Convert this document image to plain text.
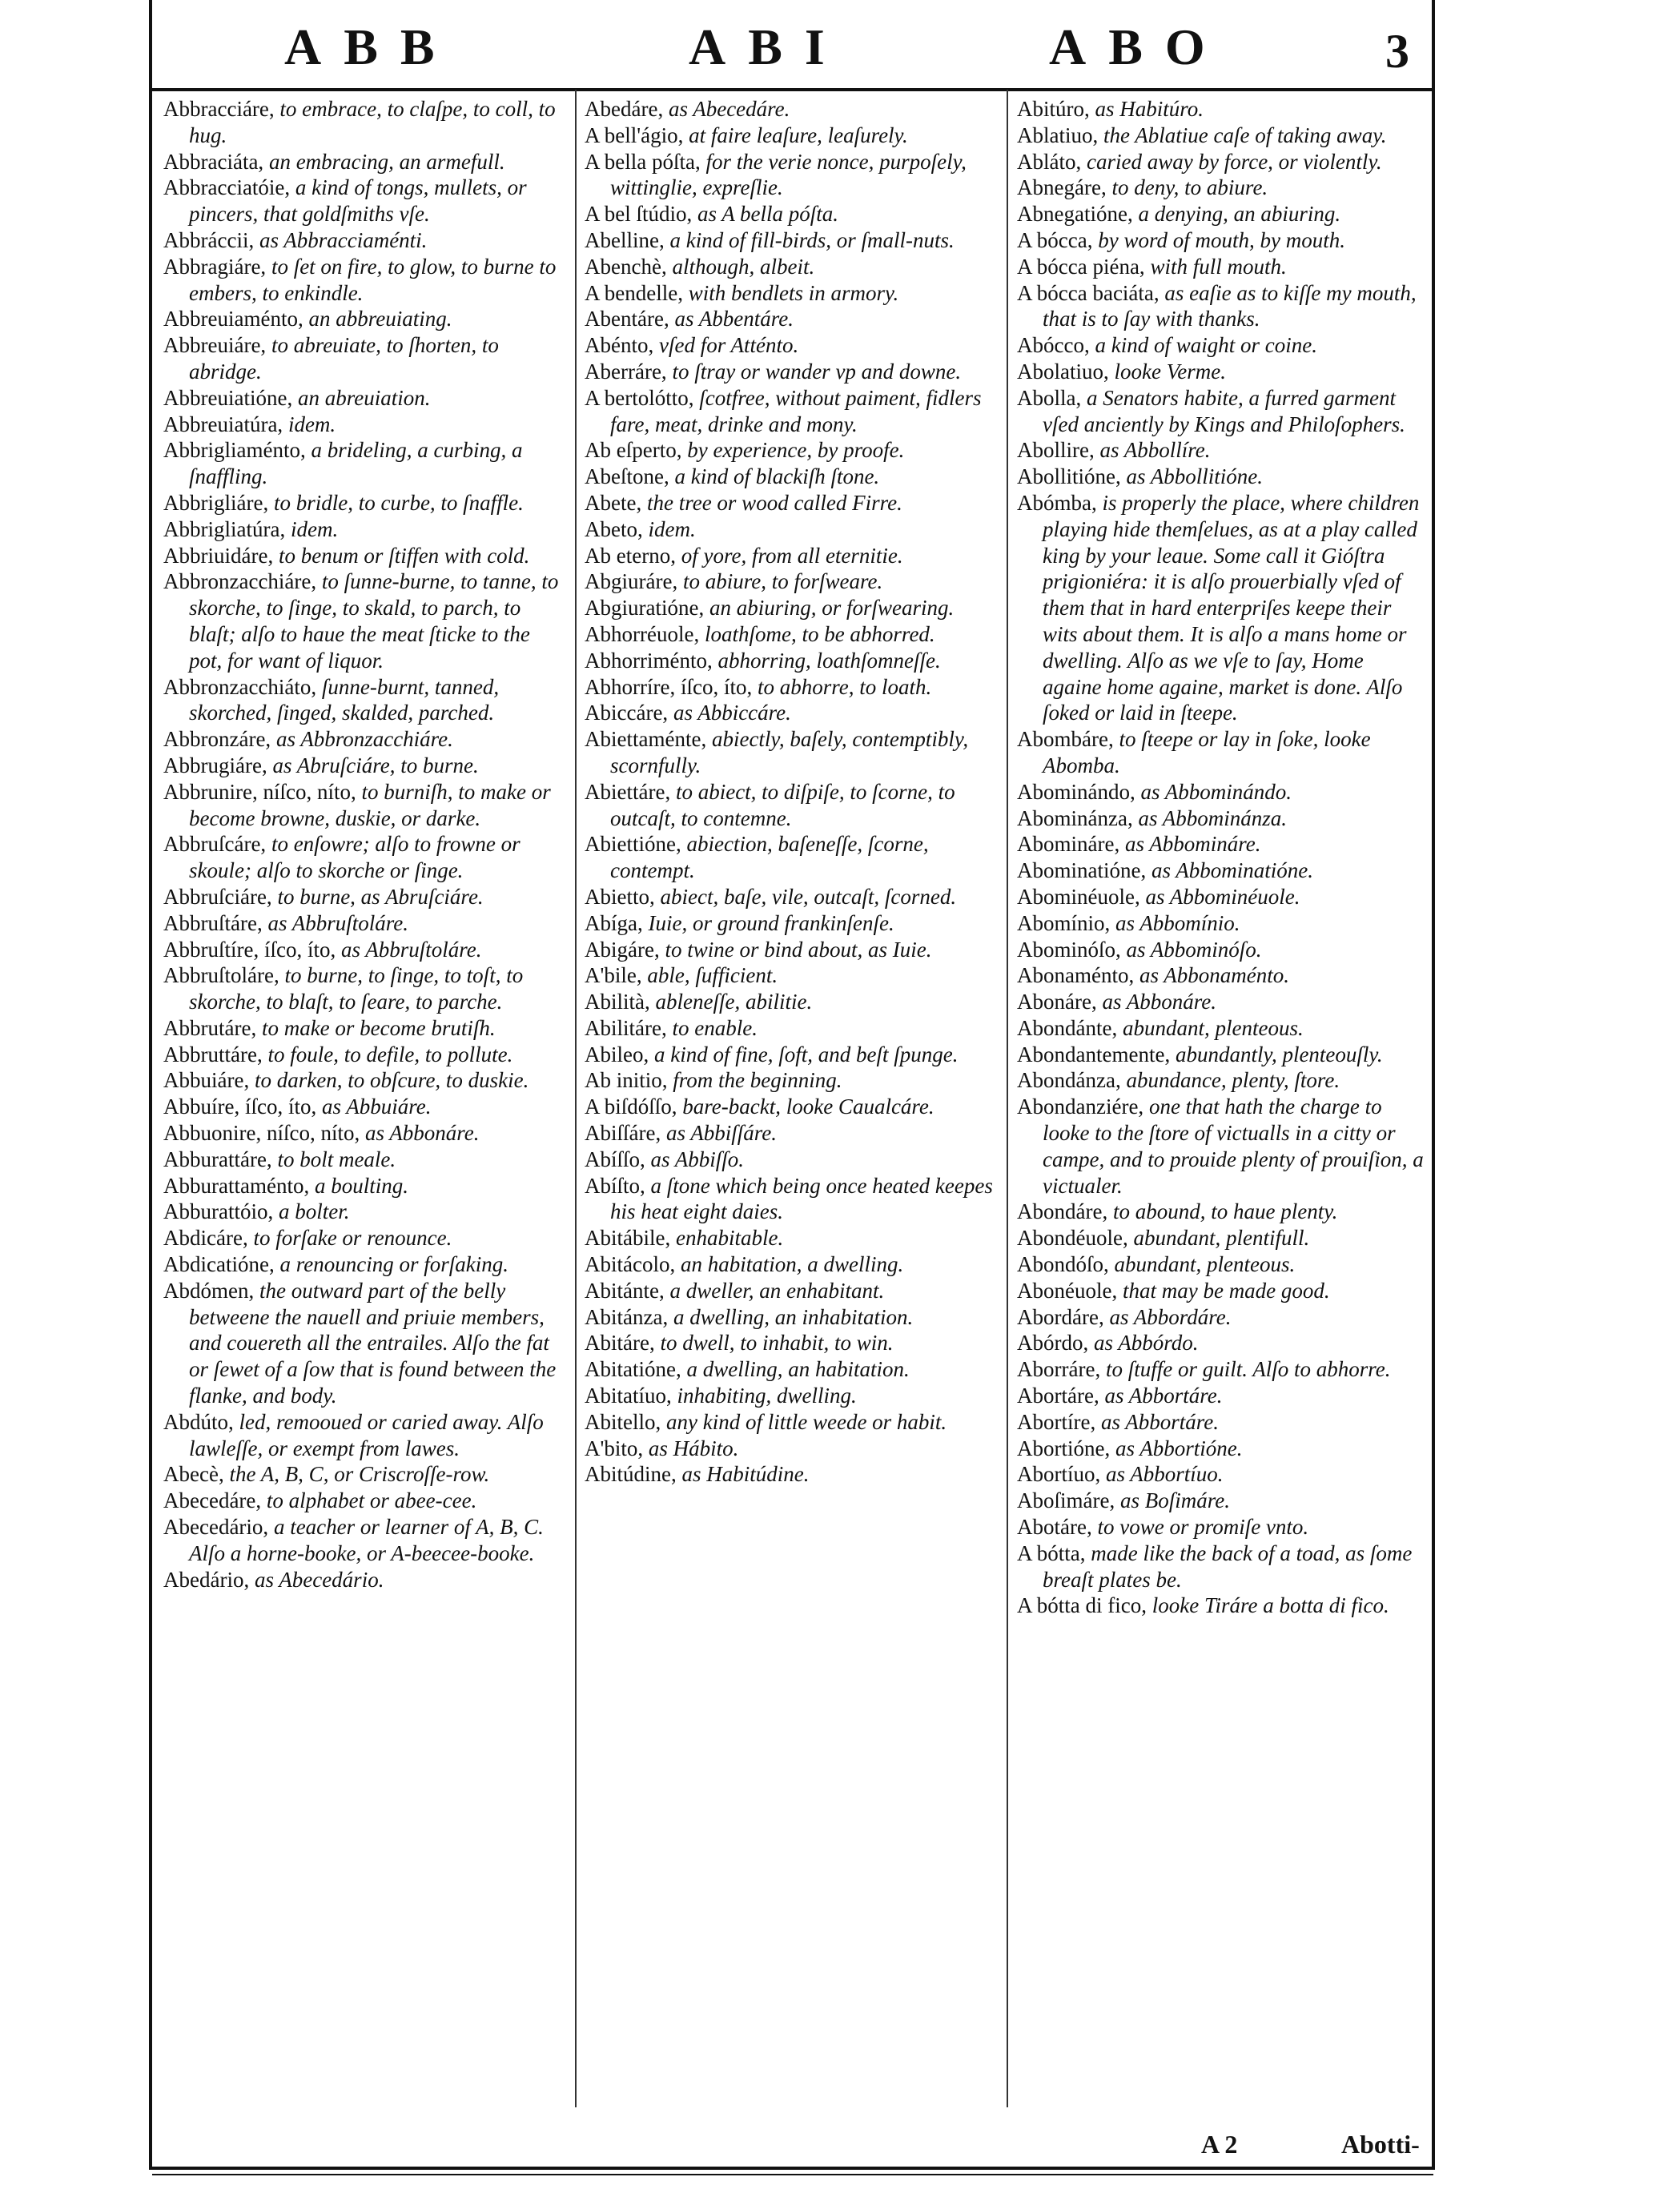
ABB	ABI	ABO	3

Abbracciáre, to embrace, to claſpe, to coll, to hug.

Abbraciáta, an embracing, an armefull.

Abbracciatóie, a kind of tongs, mullets, or pincers, that goldſmiths vſe.

Abbráccii, as Abbracciaménti.

Abbragiáre, to ſet on fire, to glow, to burne to embers, to enkindle.

Abbreuiaménto, an abbreuiating.

Abbreuiáre, to abreuiate, to ſhorten, to abridge.

Abbreuiatióne, an abreuiation.

Abbreuiatúra, idem.

Abbrigliaménto, a brideling, a curbing, a ſnaffling.

Abbrigliáre, to bridle, to curbe, to ſnaffle.

Abbrigliatúra, idem.

Abbriuidáre, to benum or ſtiffen with cold.

Abbronzacchiáre, to ſunne-burne, to tanne, to skorche, to ſinge, to skald, to parch, to blaſt; alſo to haue the meat ſticke to the pot, for want of liquor.

Abbronzacchiáto, ſunne-burnt, tanned, skorched, ſinged, skalded, parched.

Abbronzáre, as Abbronzacchiáre.

Abbrugiáre, as Abruſciáre, to burne.

Abbrunire, níſco, níto, to burniſh, to make or become browne, duskie, or darke.

Abbruſcáre, to enſowre; alſo to frowne or skoule; alſo to skorche or ſinge.

Abbruſciáre, to burne, as Abruſciáre.

Abbruſtáre, as Abbruſtoláre.

Abbruſtíre, íſco, íto, as Abbruſtoláre.

Abbruſtoláre, to burne, to ſinge, to toſt, to skorche, to blaſt, to ſeare, to parche.

Abbrutáre, to make or become brutiſh.

Abbruttáre, to foule, to defile, to pollute.

Abbuiáre, to darken, to obſcure, to duskie.

Abbuíre, íſco, íto, as Abbuiáre.

Abbuonire, níſco, níto, as Abbonáre.

Abburattáre, to bolt meale.

Abburattaménto, a boulting.

Abburattóio, a bolter.

Abdicáre, to forſake or renounce.

Abdicatióne, a renouncing or forſaking.

Abdómen, the outward part of the belly betweene the nauell and priuie members, and couereth all the entrailes. Alſo the fat or ſewet of a ſow that is found between the flanke, and body.

Abdúto, led, remooued or caried away. Alſo lawleſſe, or exempt from lawes.

Abecè, the A, B, C, or Criscroſſe-row.

Abecedáre, to alphabet or abee-cee.

Abecedário, a teacher or learner of A, B, C. Alſo a horne-booke, or A-beecee-booke.

Abedário, as Abecedário.

Abedáre, as Abecedáre.

A bell'ágio, at faire leaſure, leaſurely.

A bella póſta, for the verie nonce, purpoſely, wittinglie, expreſlie.

A bel ſtúdio, as A bella póſta.

Abelline, a kind of fill-birds, or ſmall-nuts.

Abenchè, although, albeit.

A bendelle, with bendlets in armory.

Abentáre, as Abbentáre.

Abénto, vſed for Atténto.

Aberráre, to ſtray or wander vp and downe.

A bertolótto, ſcotfree, without paiment, fidlers fare, meat, drinke and mony.

Ab eſperto, by experience, by proofe.

Abeſtone, a kind of blackiſh ſtone.

Abete, the tree or wood called Firre.

Abeto, idem.

Ab eterno, of yore, from all eternitie.

Abgiuráre, to abiure, to forſweare.

Abgiuratióne, an abiuring, or forſwearing.

Abhorréuole, loathſome, to be abhorred.

Abhorriménto, abhorring, loathſomneſſe.

Abhorríre, íſco, íto, to abhorre, to loath.

Abiccáre, as Abbiccáre.

Abiettaménte, abiectly, baſely, contemptibly, scornfully.

Abiettáre, to abiect, to diſpiſe, to ſcorne, to outcaſt, to contemne.

Abiettióne, abiection, baſeneſſe, ſcorne, contempt.

Abietto, abiect, baſe, vile, outcaſt, ſcorned.

Abíga, Iuie, or ground frankinſenſe.

Abigáre, to twine or bind about, as Iuie.

A'bile, able, ſufficient.

Abilità, ableneſſe, abilitie.

Abilitáre, to enable.

Abileo, a kind of fine, ſoft, and beſt ſpunge.

Ab initio, from the beginning.

A biſdóſſo, bare-backt, looke Caualcáre.

Abiſſáre, as Abbiſſáre.

Abíſſo, as Abbiſſo.

Abíſto, a ſtone which being once heated keepes his heat eight daies.

Abitábile, enhabitable.

Abitácolo, an habitation, a dwelling.

Abitánte, a dweller, an enhabitant.

Abitánza, a dwelling, an inhabitation.

Abitáre, to dwell, to inhabit, to win.

Abitatióne, a dwelling, an habitation.

Abitatíuo, inhabiting, dwelling.

Abitello, any kind of little weede or habit.

A'bito, as Hábito.

Abitúdine, as Habitúdine.

Abitúro, as Habitúro.

Ablatiuo, the Ablatiue caſe of taking away.

Abláto, caried away by force, or violently.

Abnegáre, to deny, to abiure.

Abnegatióne, a denying, an abiuring.

A bócca, by word of mouth, by mouth.

A bócca piéna, with full mouth.

A bócca baciáta, as eaſie as to kiſſe my mouth, that is to ſay with thanks.

Abócco, a kind of waight or coine.

Abolatiuo, looke Verme.

Abolla, a Senators habite, a furred garment vſed anciently by Kings and Philoſophers.

Abollire, as Abbollíre.

Abollitióne, as Abbollitióne.

Abómba, is properly the place, where children playing hide themſelues, as at a play called king by your leaue. Some call it Gióſtra prigioniéra: it is alſo prouerbially vſed of them that in hard enterpriſes keepe their wits about them. It is alſo a mans home or dwelling. Alſo as we vſe to ſay, Home againe home againe, market is done. Alſo ſoked or laid in ſteepe.

Abombáre, to ſteepe or lay in ſoke, looke Abomba.

Abominándo, as Abbominándo.

Abominánza, as Abbominánza.

Abomináre, as Abbomináre.

Abominatióne, as Abbominatióne.

Abominéuole, as Abbominéuole.

Abomínio, as Abbomínio.

Abominóſo, as Abbominóſo.

Abonaménto, as Abbonaménto.

Abonáre, as Abbonáre.

Abondánte, abundant, plenteous.

Abondantemente, abundantly, plenteouſly.

Abondánza, abundance, plenty, ſtore.

Abondanziére, one that hath the charge to looke to the ſtore of victualls in a citty or campe, and to prouide plenty of prouiſion, a victualer.

Abondáre, to abound, to haue plenty.

Abondéuole, abundant, plentifull.

Abondóſo, abundant, plenteous.

Abonéuole, that may be made good.

Abordáre, as Abbordáre.

Abórdo, as Abbórdo.

Aborráre, to ſtuffe or guilt. Alſo to abhorre.

Abortáre, as Abbortáre.

Abortíre, as Abbortáre.

Abortióne, as Abbortióne.

Abortíuo, as Abbortíuo.

Aboſimáre, as Boſimáre.

Abotáre, to vowe or promiſe vnto.

A bótta, made like the back of a toad, as ſome breaſt plates be.

A bótta di fico, looke Tiráre a botta di fico.

A 2	Abotti-
